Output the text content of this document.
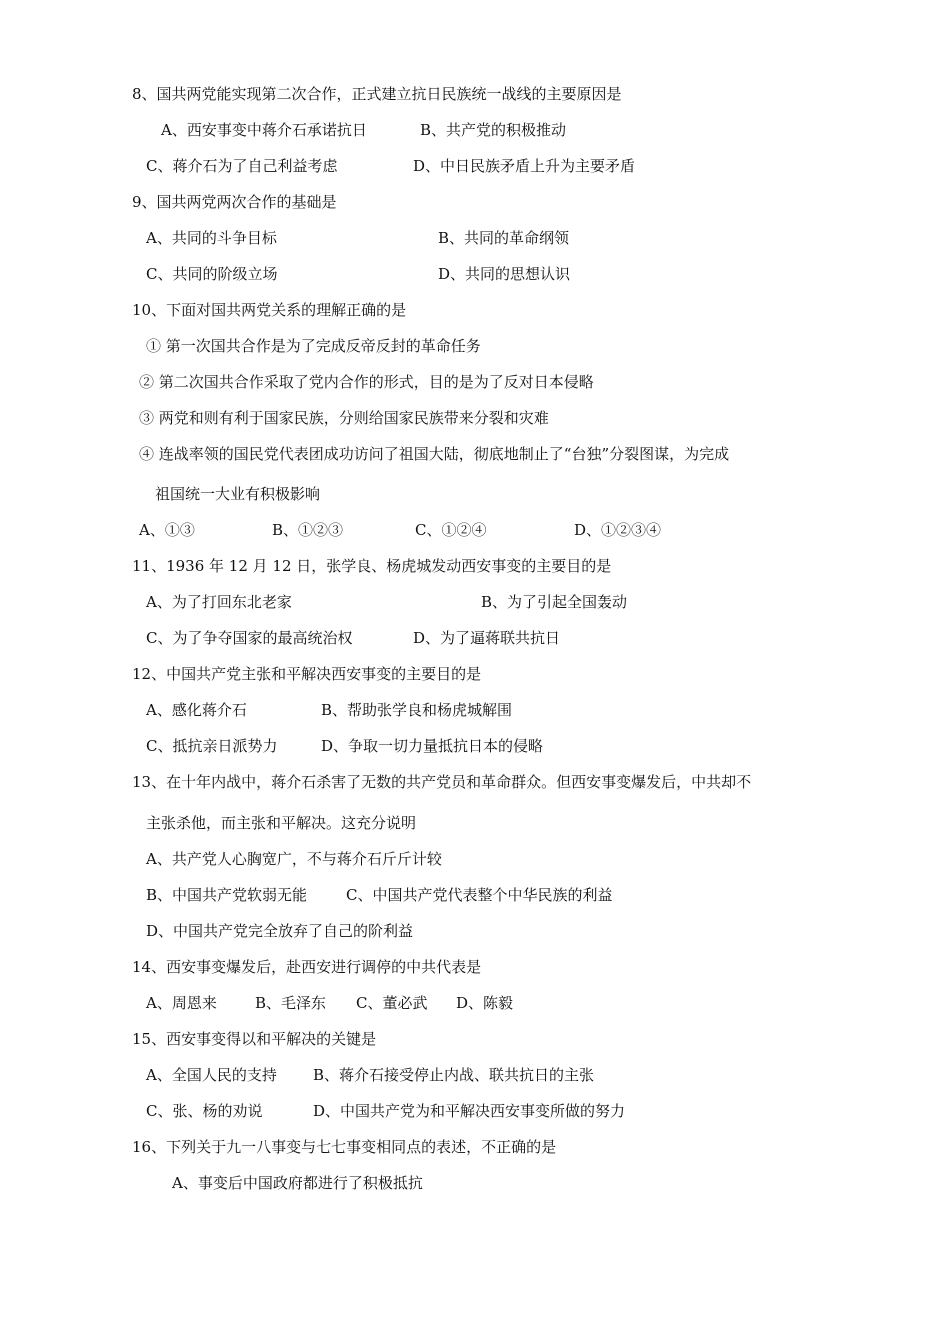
8、国共两党能实现第二次合作，正式建立抗日民族统一战线的主要原因是
A、西安事变中蒋介石承诺抗日	B、共产党的积极推动
C、蒋介石为了自己利益考虑	D、中日民族矛盾上升为主要矛盾
9、国共两党两次合作的基础是
A、共同的斗争目标	B、共同的革命纲领
C、共同的阶级立场	D、共同的思想认识
10、下面对国共两党关系的理解正确的是
① 第一次国共合作是为了完成反帝反封的革命任务
② 第二次国共合作采取了党内合作的形式，目的是为了反对日本侵略
③ 两党和则有利于国家民族，分则给国家民族带来分裂和灾难
④ 连战率领的国民党代表团成功访问了祖国大陆，彻底地制止了“台独”分裂图谋，为完成
祖国统一大业有积极影响
A、①③	B、①②③	C、①②④	D、①②③④
11、1936 年 12 月 12 日，张学良、杨虎城发动西安事变的主要目的是
A、为了打回东北老家	B、为了引起全国轰动
C、为了争夺国家的最高统治权	D、为了逼蒋联共抗日
12、中国共产党主张和平解决西安事变的主要目的是
A、感化蒋介石	B、帮助张学良和杨虎城解围
C、抵抗亲日派势力	D、争取一切力量抵抗日本的侵略
13、在十年内战中，蒋介石杀害了无数的共产党员和革命群众。但西安事变爆发后，中共却不
主张杀他，而主张和平解决。这充分说明
A、共产党人心胸宽广，不与蒋介石斤斤计较
B、中国共产党软弱无能	C、中国共产党代表整个中华民族的利益
D、中国共产党完全放弃了自己的阶利益
14、西安事变爆发后，赴西安进行调停的中共代表是
A、周恩来	B、毛泽东 C、董必武 D、陈毅
15、西安事变得以和平解决的关键是
A、全国人民的支持 B、蒋介石接受停止内战、联共抗日的主张
C、张、杨的劝说	D、中国共产党为和平解决西安事变所做的努力
16、下列关于九一八事变与七七事变相同点的表述，不正确的是
A、事变后中国政府都进行了积极抵抗
